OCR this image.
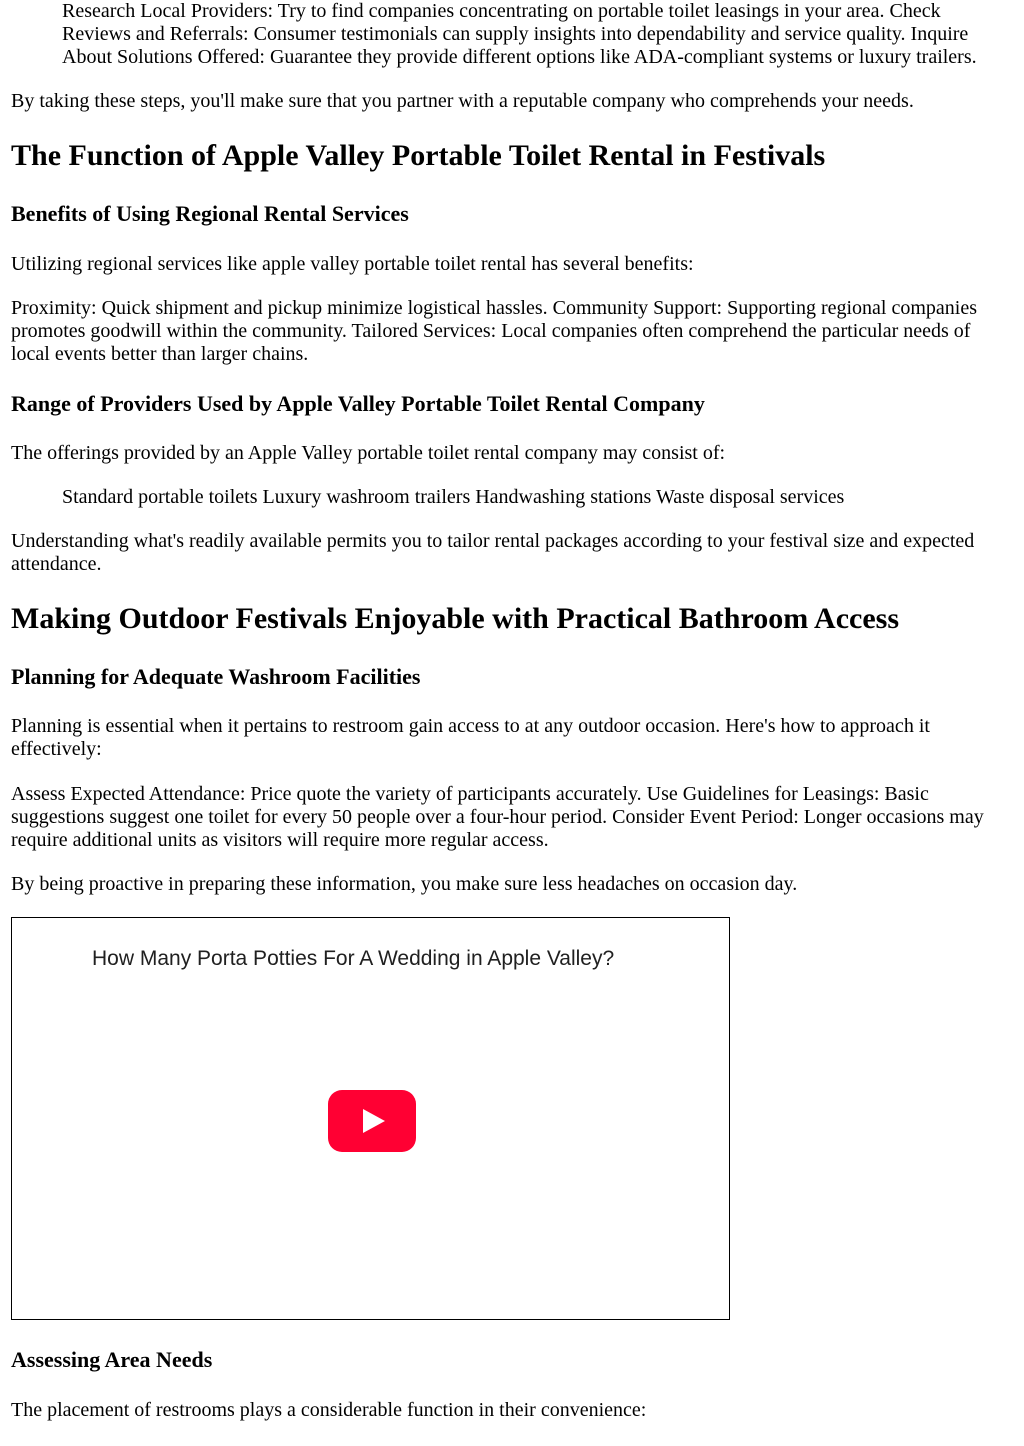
Research Local Providers: Try to find companies concentrating on portable toilet leasings in your area. Check Reviews and Referrals: Consumer testimonials can supply insights into dependability and service quality. Inquire About Solutions Offered: Guarantee they provide different options like ADA-compliant systems or luxury trailers.

By taking these steps, you'll make sure that you partner with a reputable company who comprehends your needs.

The Function of Apple Valley Portable Toilet Rental in Festivals
Benefits of Using Regional Rental Services

Utilizing regional services like apple valley portable toilet rental has several benefits:

Proximity: Quick shipment and pickup minimize logistical hassles. Community Support: Supporting regional companies promotes goodwill within the community. Tailored Services: Local companies often comprehend the particular needs of local events better than larger chains.

Range of Providers Used by Apple Valley Portable Toilet Rental Company

The offerings provided by an Apple Valley portable toilet rental company may consist of:

Standard portable toilets Luxury washroom trailers Handwashing stations Waste disposal services

Understanding what's readily available permits you to tailor rental packages according to your festival size and expected attendance.

Making Outdoor Festivals Enjoyable with Practical Bathroom Access
Planning for Adequate Washroom Facilities

Planning is essential when it pertains to restroom gain access to at any outdoor occasion. Here's how to approach it effectively:

Assess Expected Attendance: Price quote the variety of participants accurately. Use Guidelines for Leasings: Basic suggestions suggest one toilet for every 50 people over a four-hour period. Consider Event Period: Longer occasions may require additional units as visitors will require more regular access.

By being proactive in preparing these information, you make sure less headaches on occasion day.

Assessing Area Needs

The placement of restrooms plays a considerable function in their convenience:

How Many Porta Potties For A Wedding in Apple Valley?
